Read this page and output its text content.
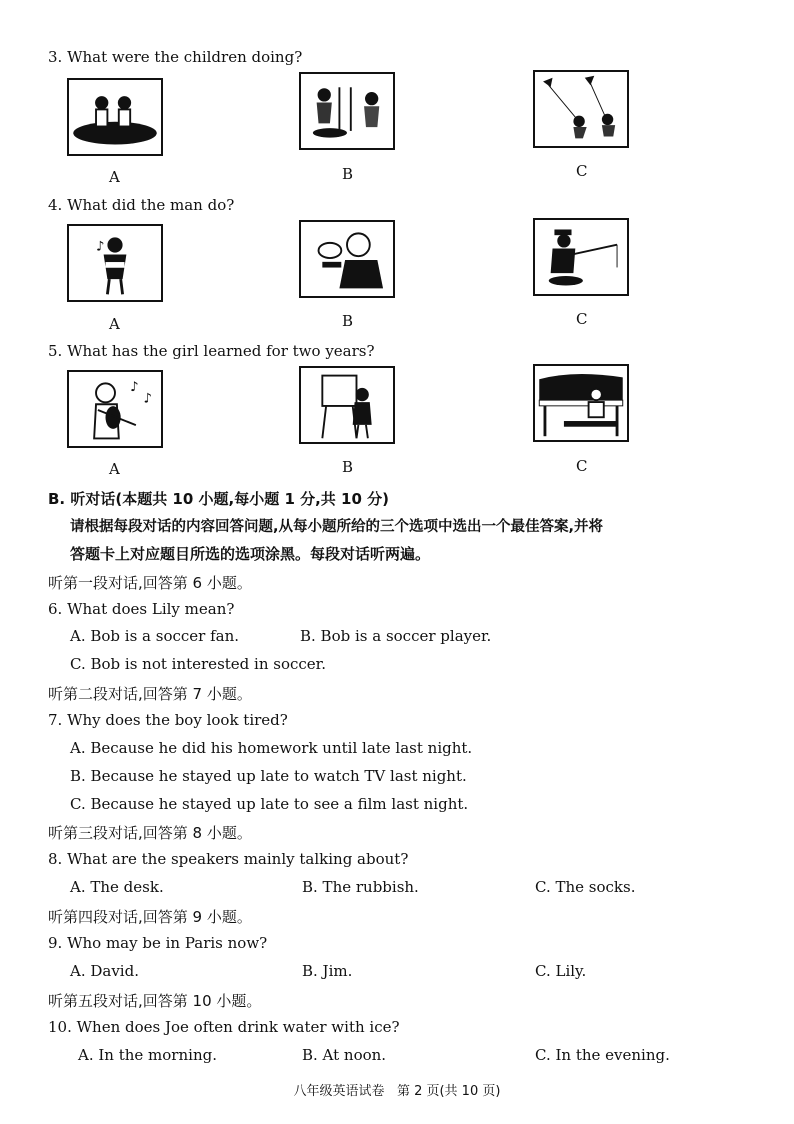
3. What were the children doing?
A	B	C
4. What did the man do?
♪
A	B	C
5. What has the girl learned for two years?
♪
♪
A	B	C
B. 听对话(本题共 10 小题,每小题 1 分,共 10 分)
请根据每段对话的内容回答问题,从每小题所给的三个选项中选出一个最佳答案,并将
答题卡上对应题目所选的选项涂黑。每段对话听两遍。
听第一段对话,回答第 6 小题。
6. What does Lily mean?
A. Bob is a soccer fan.	B. Bob is a soccer player.
C. Bob is not interested in soccer.
听第二段对话,回答第 7 小题。
7. Why does the boy look tired?
A. Because he did his homework until late last night.
B. Because he stayed up late to watch TV last night.
C. Because he stayed up late to see a film last night.
听第三段对话,回答第 8 小题。
8. What are the speakers mainly talking about?
A. The desk.	B. The rubbish.	C. The socks.
听第四段对话,回答第 9 小题。
9. Who may be in Paris now?
A. David.	B. Jim.	C. Lily.
听第五段对话,回答第 10 小题。
10. When does Joe often drink water with ice?
A. In the morning.	B. At noon.	C. In the evening.
八年级英语试卷   第 2 页(共 10 页)
